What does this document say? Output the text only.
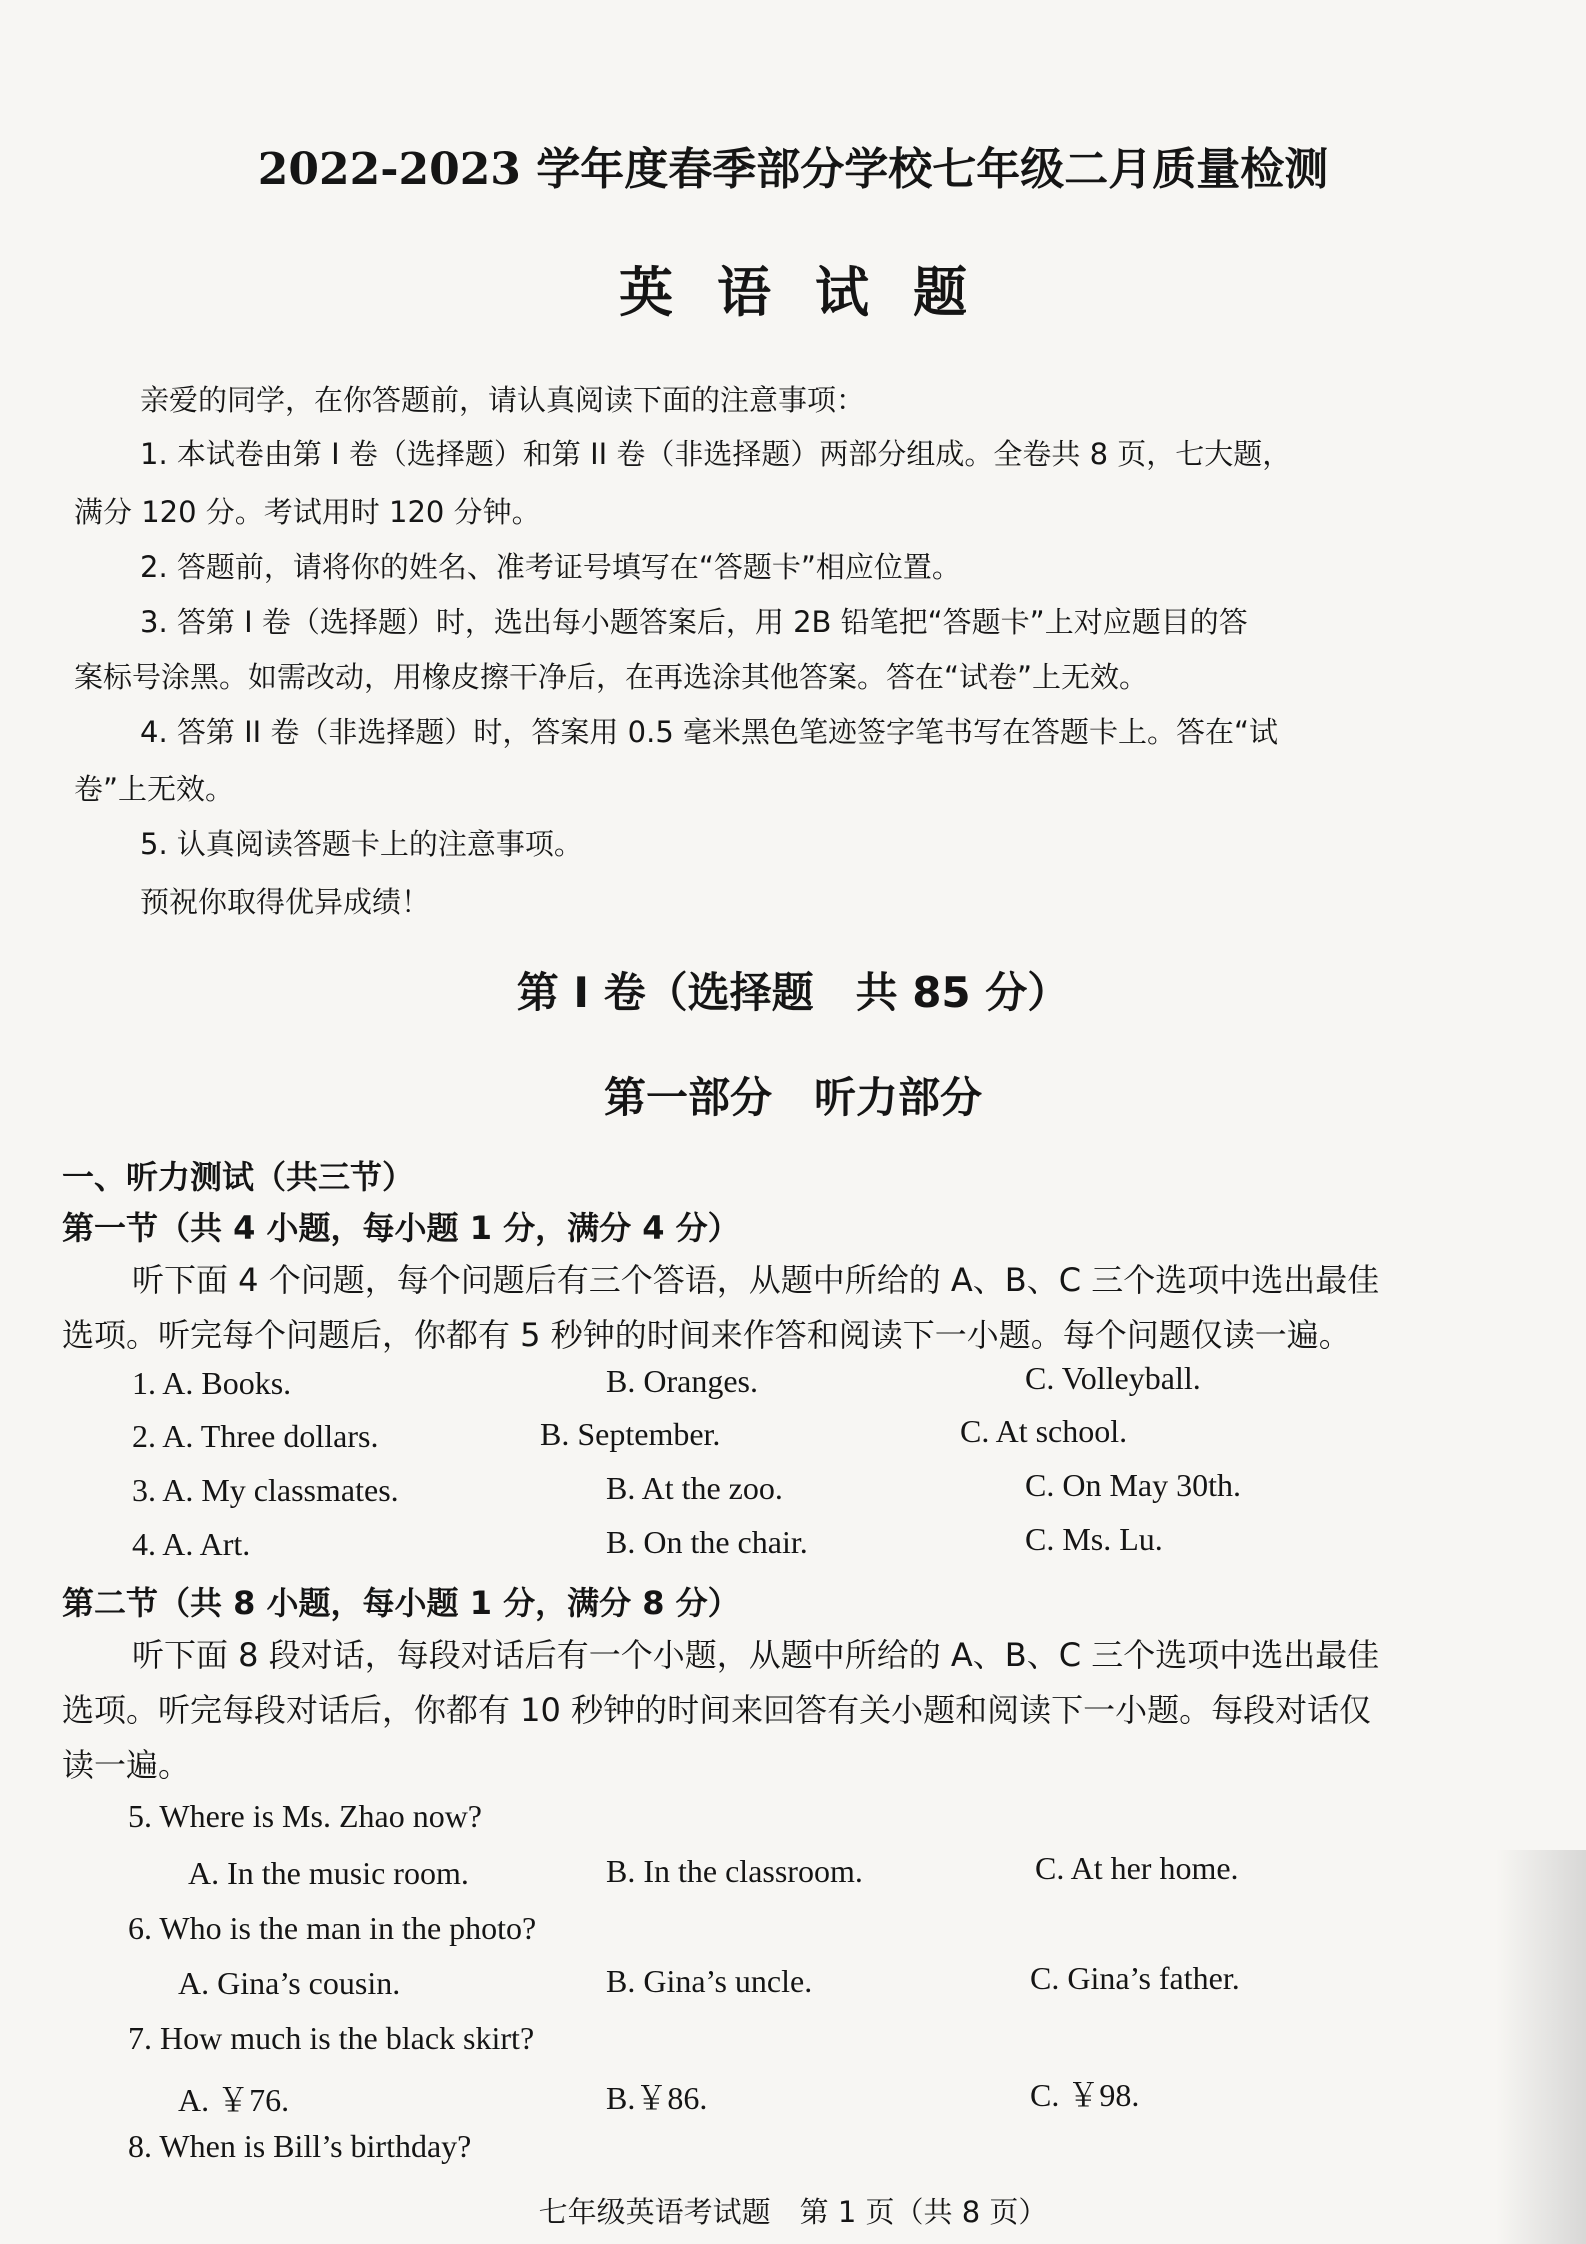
2022-2023 学年度春季部分学校七年级二月质量检测
英语试题
亲爱的同学，在你答题前，请认真阅读下面的注意事项：
1. 本试卷由第 I 卷（选择题）和第 II 卷（非选择题）两部分组成。全卷共 8 页，七大题，
满分 120 分。考试用时 120 分钟。
2. 答题前，请将你的姓名、准考证号填写在“答题卡”相应位置。
3. 答第 I 卷（选择题）时，选出每小题答案后，用 2B 铅笔把“答题卡”上对应题目的答
案标号涂黑。如需改动，用橡皮擦干净后，在再选涂其他答案。答在“试卷”上无效。
4. 答第 II 卷（非选择题）时，答案用 0.5 毫米黑色笔迹签字笔书写在答题卡上。答在“试
卷”上无效。
5. 认真阅读答题卡上的注意事项。
预祝你取得优异成绩！
第 I 卷（选择题　共 85 分）
第一部分　听力部分
一、听力测试（共三节）
第一节（共 4 小题，每小题 1 分，满分 4 分）
听下面 4 个问题，每个问题后有三个答语，从题中所给的 A、B、C 三个选项中选出最佳
选项。听完每个问题后，你都有 5 秒钟的时间来作答和阅读下一小题。每个问题仅读一遍。
1. A. Books.	B. Oranges.	C. Volleyball.
2. A. Three dollars.	B. September.	C. At school.
3. A. My classmates.	B. At the zoo.	C. On May 30th.
4. A. Art.	B. On the chair.	C. Ms. Lu.
第二节（共 8 小题，每小题 1 分，满分 8 分）
听下面 8 段对话，每段对话后有一个小题，从题中所给的 A、B、C 三个选项中选出最佳
选项。听完每段对话后，你都有 10 秒钟的时间来回答有关小题和阅读下一小题。每段对话仅
读一遍。
5. Where is Ms. Zhao now?
A. In the music room.	B. In the classroom.	C. At her home.
6. Who is the man in the photo?
A. Gina’s cousin.	B. Gina’s uncle.	C. Gina’s father.
7. How much is the black skirt?
A. ￥76.	B.￥86.	C. ￥98.
8. When is Bill’s birthday?
七年级英语考试题　第 1 页（共 8 页）
